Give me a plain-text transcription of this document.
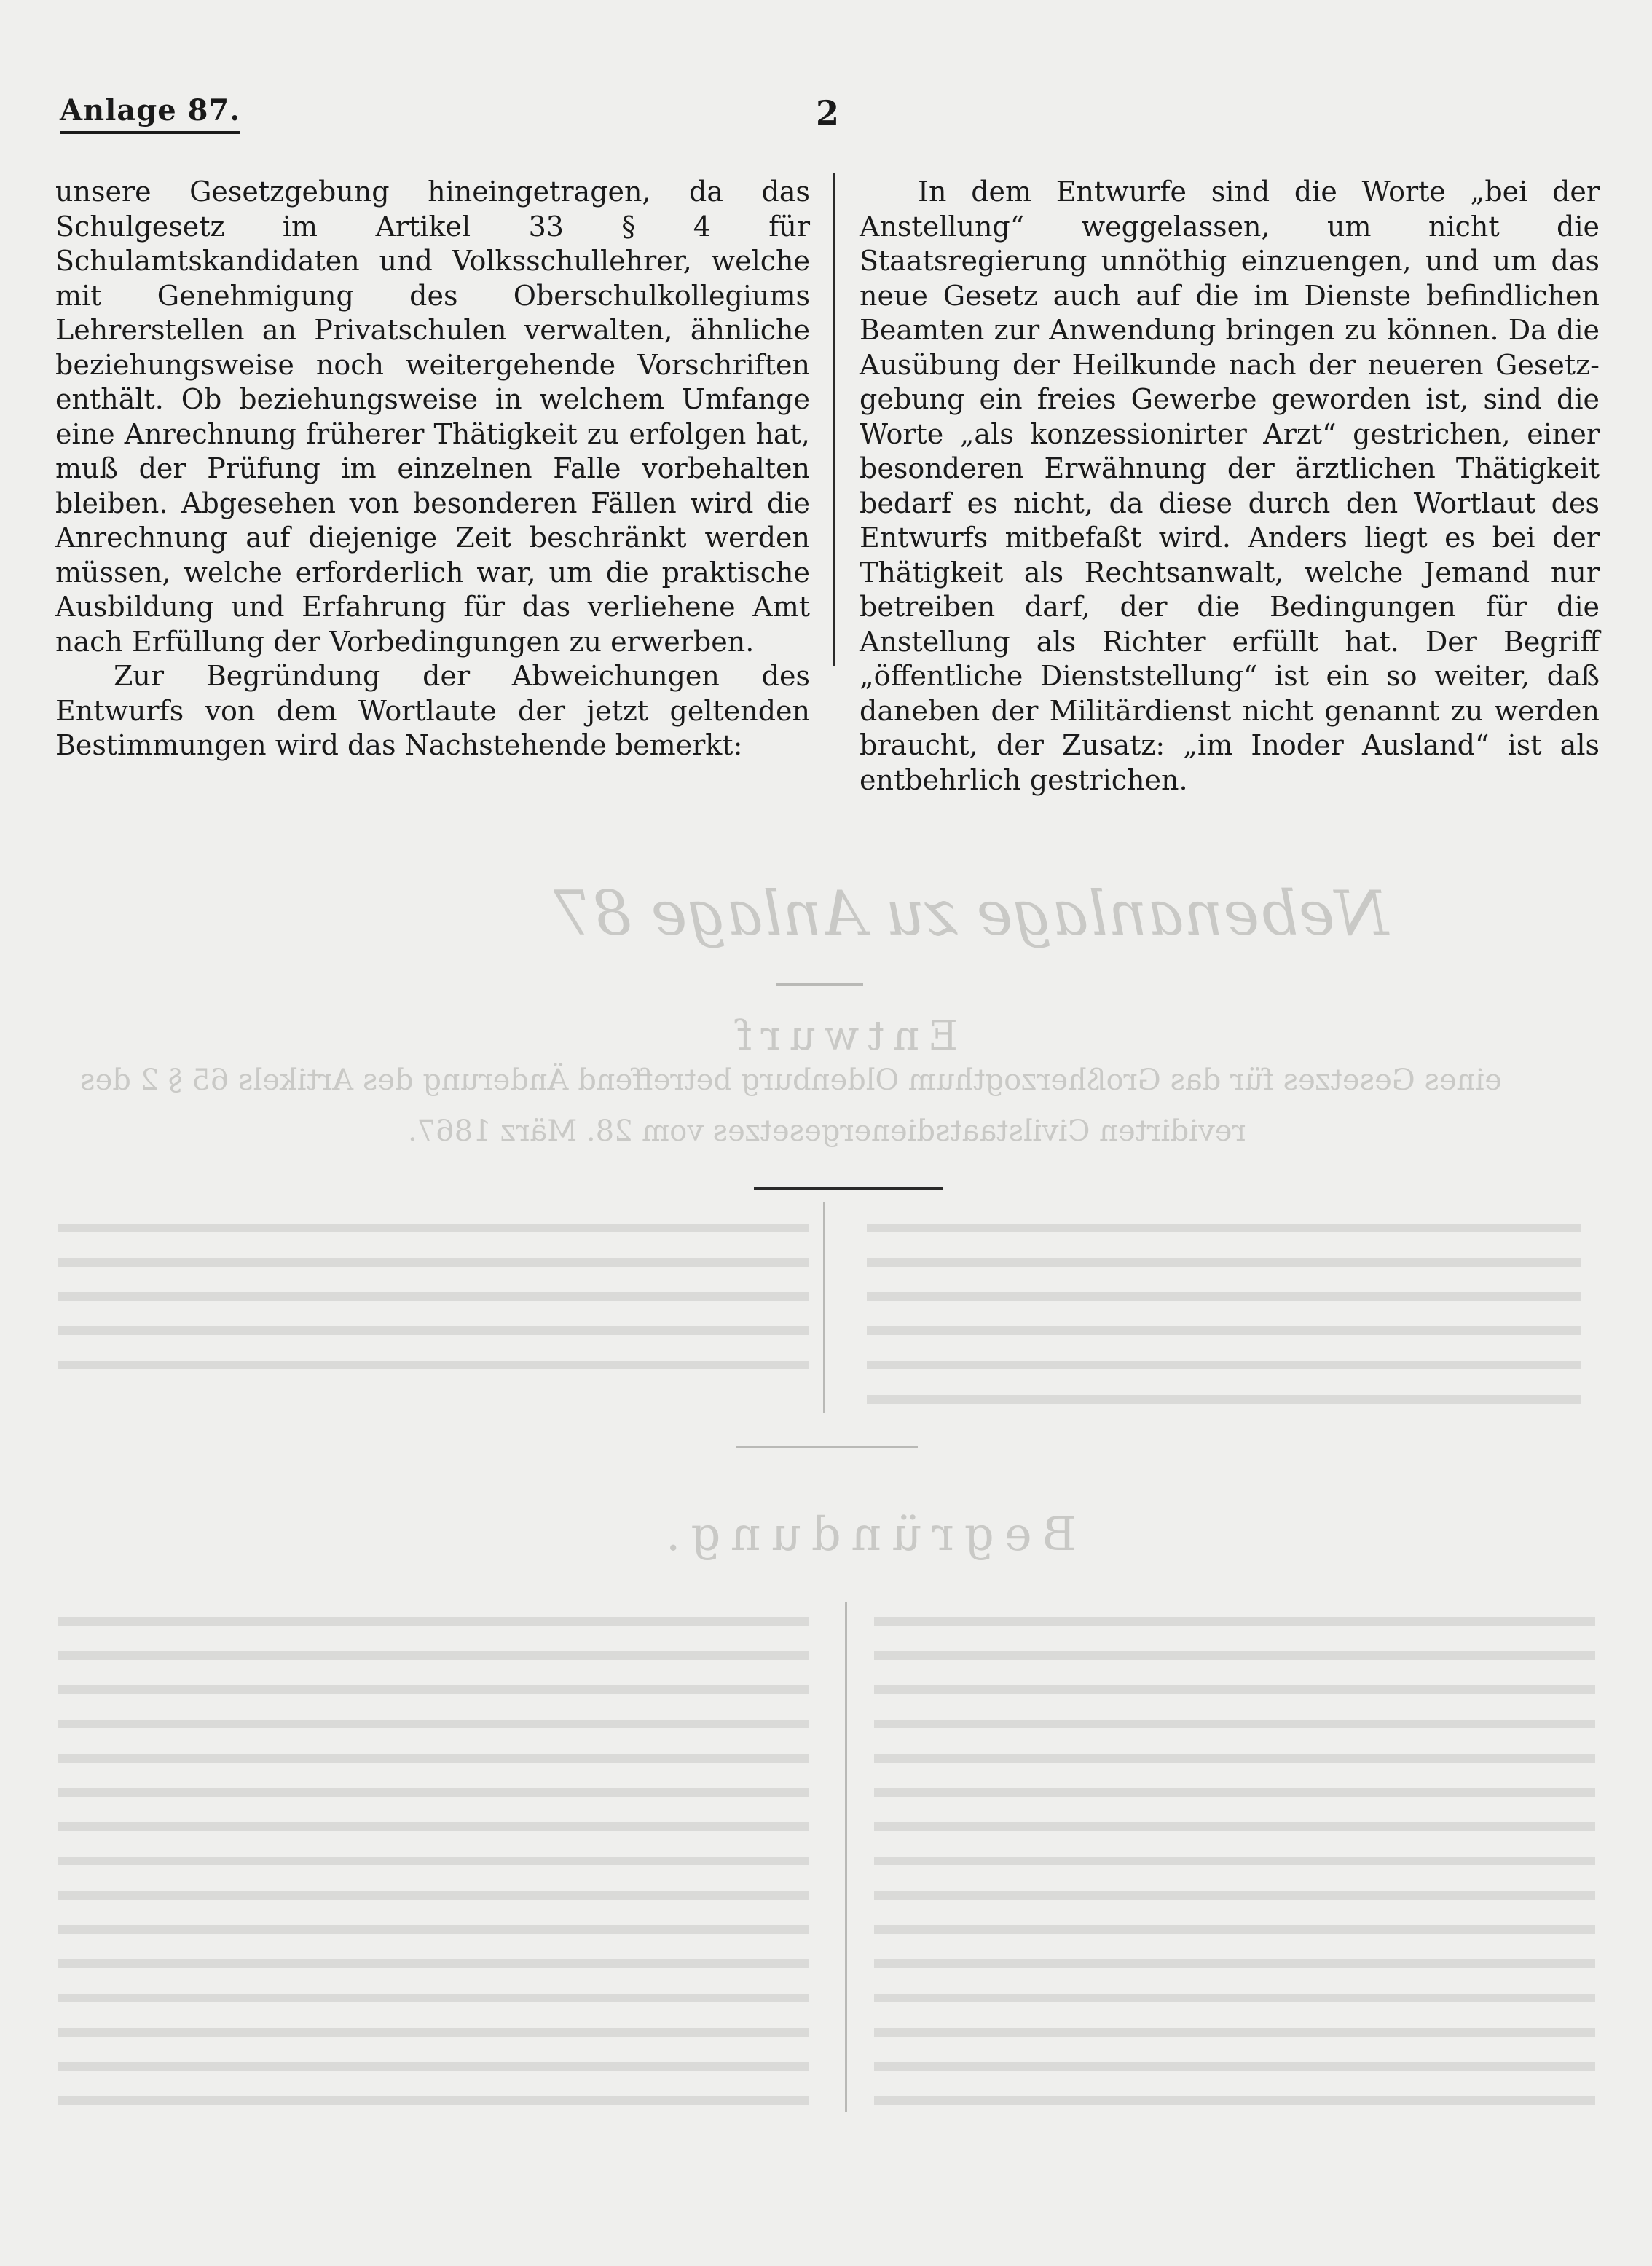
Nebenanlage zu Anlage 87
Entwurf
eines Gesetzes für das Großherzogthum Oldenburg betreffend Änderung des Artikels 65 § 2 des
revidirten Civilstaatsdienergesetzes vom 28. März 1867.
Begründung.
Anlage 87.	2

unsere Gesetzgebung hineingetragen, da das Schulgesetz im Artikel 33 § 4 für Schulamtskandidaten und Volksschullehrer, welche mit Genehmigung des Oberschulkollegiums Lehrerstellen an Privatschulen verwalten, ähnliche beziehungsweise noch weitergehende Vorschriften enthält. Ob beziehungsweise in welchem Umfange eine Anrechnung früherer Thätigkeit zu erfolgen hat, muß der Prüfung im einzelnen Falle vorbehalten bleiben. Abgesehen von besonderen Fällen wird die Anrechnung auf diejenige Zeit beschränkt werden müssen, welche erforderlich war, um die praktische Ausbildung und Erfahrung für das verliehene Amt nach Erfüllung der Vorbedingungen zu erwerben.

Zur Begründung der Abweichungen des Entwurfs von dem Wortlaute der jetzt geltenden Bestimmungen wird das Nachstehende bemerkt:

In dem Entwurfe sind die Worte „bei der Anstellung“ weggelassen, um nicht die Staatsregierung unnöthig einzuengen, und um das neue Gesetz auch auf die im Dienste befindlichen Beamten zur Anwendung bringen zu können. Da die Ausübung der Heilkunde nach der neueren Gesetzgebung ein freies Gewerbe geworden ist, sind die Worte „als konzessionirter Arzt“ gestrichen, einer besonderen Erwähnung der ärztlichen Thätigkeit bedarf es nicht, da diese durch den Wortlaut des Entwurfs mitbefaßt wird. Anders liegt es bei der Thätigkeit als Rechtsanwalt, welche Jemand nur betreiben darf, der die Bedingungen für die Anstellung als Richter erfüllt hat. Der Begriff „öffentliche Dienststellung“ ist ein so weiter, daß daneben der Militärdienst nicht genannt zu werden braucht, der Zusatz: „im Inoder Ausland“ ist als entbehrlich gestrichen.
